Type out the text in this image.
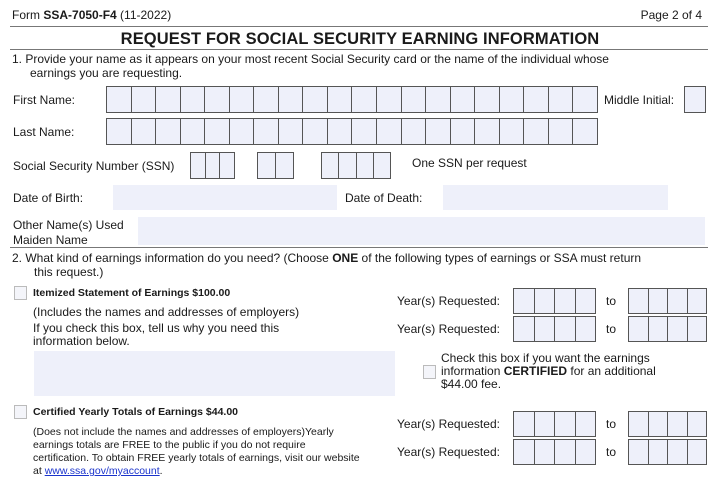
Form SSA-7050-F4 (11-2022)	Page 2 of 4
REQUEST FOR SOCIAL SECURITY EARNING INFORMATION
1. Provide your name as it appears on your most recent Social Security card or the name of the individual whose
earnings you are requesting.
First Name:	Middle Initial:
Last Name:
Social Security Number (SSN)	One SSN per request
Date of Birth:	Date of Death:
Other Name(s) Used
Maiden Name
2. What kind of earnings information do you need? (Choose ONE of the following types of earnings or SSA must return
this request.)
Itemized Statement of Earnings $100.00
(Includes the names and addresses of employers)
If you check this box, tell us why you need this information below.
Check this box if you want the earnings information CERTIFIED for an additional $44.00 fee.
Certified Yearly Totals of Earnings $44.00
(Does not include the names and addresses of employers)Yearly earnings totals are FREE to the public if you do not require certification. To obtain FREE yearly totals of earnings, visit our website at www.ssa.gov/myaccount.
Year(s) Requested:	to
Year(s) Requested:	to
Year(s) Requested:	to
Year(s) Requested:	to
